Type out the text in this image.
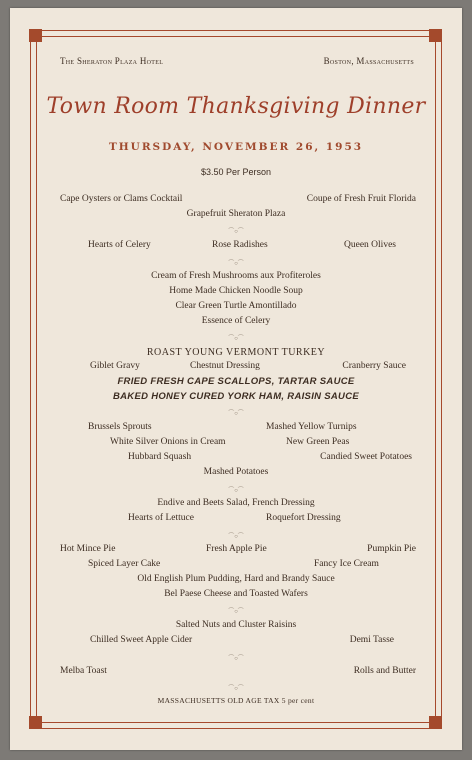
The Sheraton Plaza Hotel	Boston, Massachusetts
Town Room Thanksgiving Dinner
THURSDAY, NOVEMBER 26, 1953
$3.50 Per Person
Cape Oysters or Clams Cocktail	Coupe of Fresh Fruit Florida
Grapefruit Sheraton Plaza
⌒○⌒
Hearts of Celery	Rose Radishes	Queen Olives
⌒○⌒
Cream of Fresh Mushrooms aux Profiteroles
Home Made Chicken Noodle Soup
Clear Green Turtle Amontillado
Essence of Celery
⌒○⌒
ROAST YOUNG VERMONT TURKEY
Giblet Gravy	Chestnut Dressing	Cranberry Sauce
FRIED FRESH CAPE SCALLOPS, TARTAR SAUCE
BAKED HONEY CURED YORK HAM, RAISIN SAUCE
⌒○⌒
Brussels Sprouts	Mashed Yellow Turnips
White Silver Onions in Cream	New Green Peas
Hubbard Squash	Candied Sweet Potatoes
Mashed Potatoes
⌒○⌒
Endive and Beets Salad, French Dressing
Hearts of Lettuce	Roquefort Dressing
⌒○⌒
Hot Mince Pie	Fresh Apple Pie	Pumpkin Pie
Spiced Layer Cake	Fancy Ice Cream
Old English Plum Pudding, Hard and Brandy Sauce
Bel Paese Cheese and Toasted Wafers
⌒○⌒
Salted Nuts and Cluster Raisins
Chilled Sweet Apple Cider	Demi Tasse
⌒○⌒
Melba Toast	Rolls and Butter
⌒○⌒
MASSACHUSETTS OLD AGE TAX 5 per cent
